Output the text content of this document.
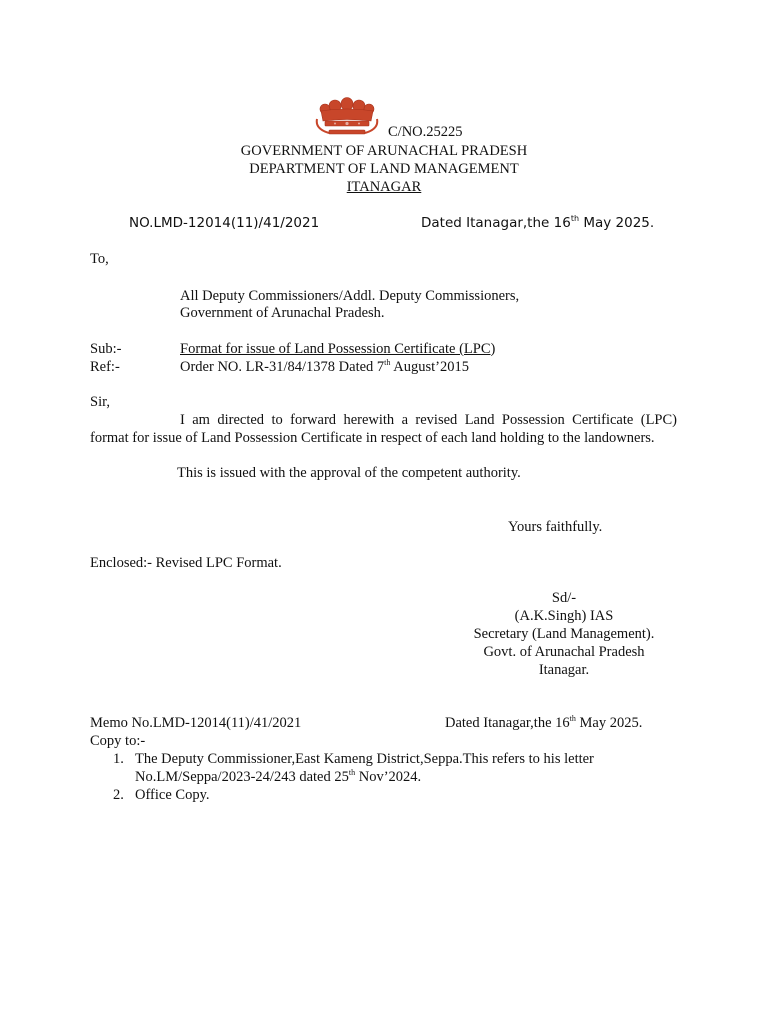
C/NO.25225
GOVERNMENT OF ARUNACHAL PRADESH
DEPARTMENT OF LAND MANAGEMENT
ITANAGAR
NO.LMD-12014(11)/41/2021	Dated Itanagar,the 16th May 2025.
To,
All Deputy Commissioners/Addl. Deputy Commissioners,
Government of Arunachal Pradesh.
Sub:-	Format for issue of Land Possession Certificate (LPC)
Ref:-	Order NO. LR-31/84/1378 Dated 7th August’2015
Sir,
I am directed to forward herewith a revised Land Possession Certificate (LPC) format for issue of Land Possession Certificate in respect of each land holding to the landowners.
This is issued with the approval of the competent authority.
Yours faithfully.
Enclosed:- Revised LPC Format.
Sd/-
(A.K.Singh) IAS
Secretary (Land Management).
Govt. of Arunachal Pradesh
Itanagar.
Memo No.LMD-12014(11)/41/2021	Dated Itanagar,the 16th May 2025.
Copy to:-
1. The Deputy Commissioner,East Kameng District,Seppa.This refers to his letter
No.LM/Seppa/2023-24/243 dated 25th Nov’2024.
2. Office Copy.
